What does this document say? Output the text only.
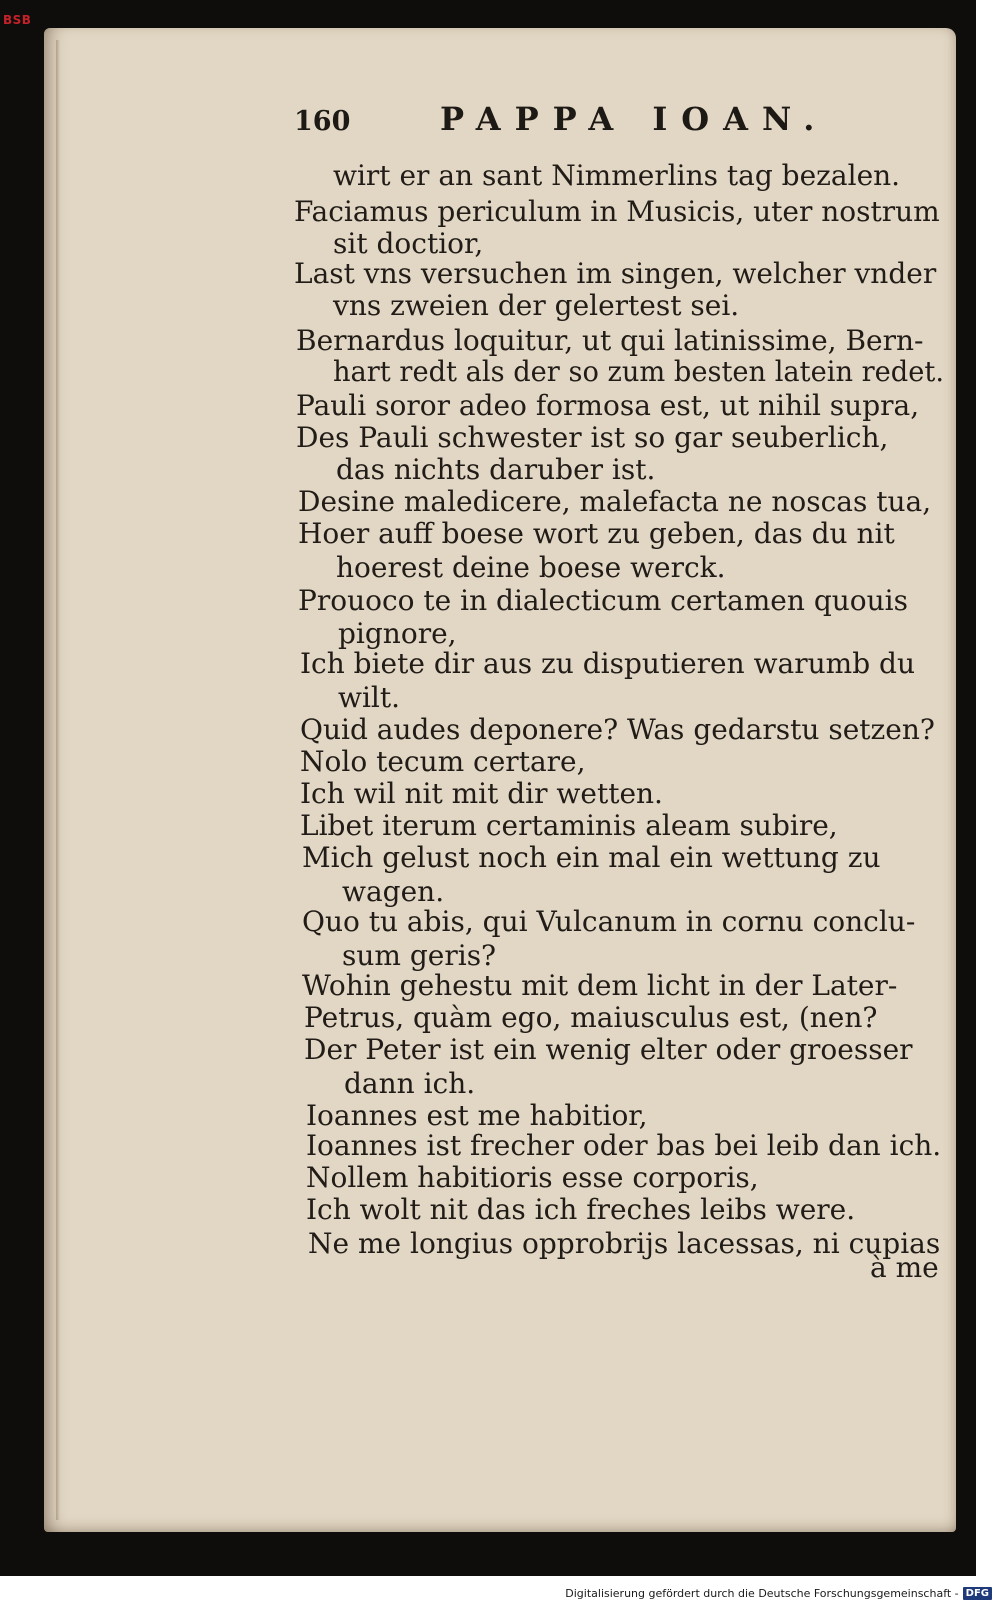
BSB
160	PAPPA IOAN.
wirt er an sant Nimmerlins tag bezalen.
Faciamus periculum in Musicis, uter nostrum
sit doctior,
Last vns versuchen im singen, welcher vnder
vns zweien der gelertest sei.
Bernardus loquitur, ut qui latinissime, Bern-
hart redt als der so zum besten latein redet.
Pauli soror adeo formosa est, ut nihil supra,
Des Pauli schwester ist so gar seuberlich,
das nichts daruber ist.
Desine maledicere, malefacta ne noscas tua,
Hoer auff boese wort zu geben, das du nit
hoerest deine boese werck.
Prouoco te in dialecticum certamen quouis
pignore,
Ich biete dir aus zu disputieren warumb du
wilt.
Quid audes deponere? Was gedarstu setzen?
Nolo tecum certare,
Ich wil nit mit dir wetten.
Libet iterum certaminis aleam subire,
Mich gelust noch ein mal ein wettung zu
wagen.
Quo tu abis, qui Vulcanum in cornu conclu-
sum geris?
Wohin gehestu mit dem licht in der Later-
Petrus, quàm ego, maiusculus est, (nen?
Der Peter ist ein wenig elter oder groesser
dann ich.
Ioannes est me habitior,
Ioannes ist frecher oder bas bei leib dan ich.
Nollem habitioris esse corporis,
Ich wolt nit das ich freches leibs were.
Ne me longius opprobrijs lacessas, ni cupias
à me
Digitalisierung gefördert durch die Deutsche Forschungsgemeinschaft - DFG
